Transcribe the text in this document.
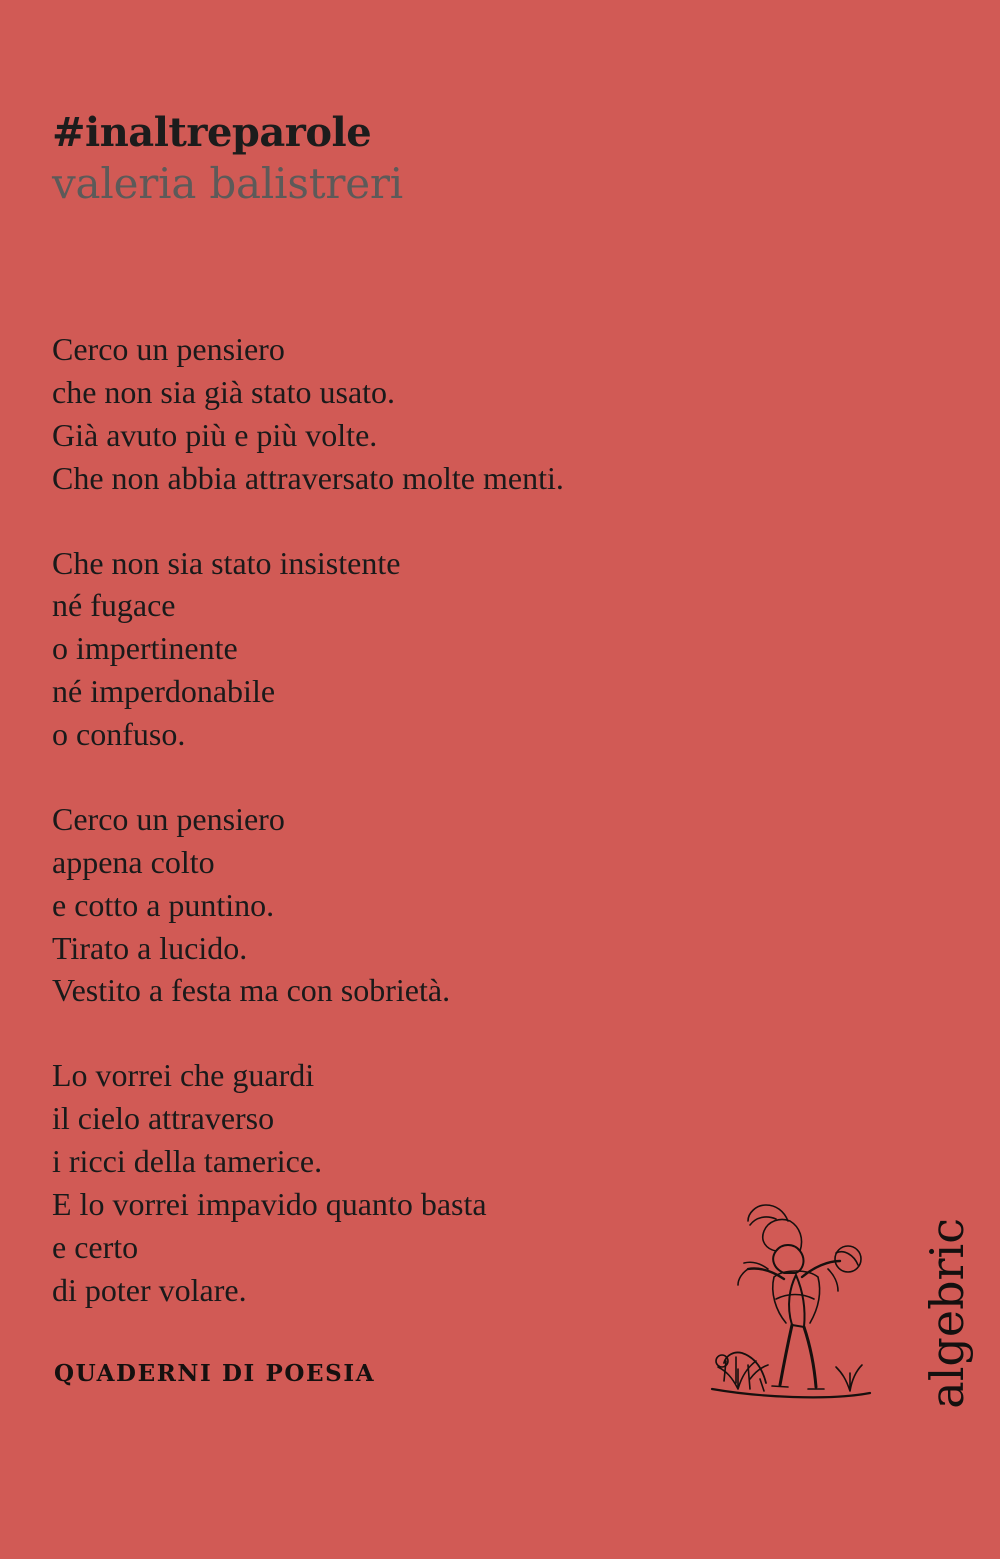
#inaltreparole
valeria balistreri
Cerco un pensiero
che non sia già stato usato.
Già avuto più e più volte.
Che non abbia attraversato molte menti.
Che non sia stato insistente
né fugace
o impertinente
né imperdonabile
o confuso.
Cerco un pensiero
appena colto
e cotto a puntino.
Tirato a lucido.
Vestito a festa ma con sobrietà.
Lo vorrei che guardi
il cielo attraverso
i ricci della tamerice.
E lo vorrei impavido quanto basta
e certo
di poter volare.
QUADERNI DI POESIA	algebric
